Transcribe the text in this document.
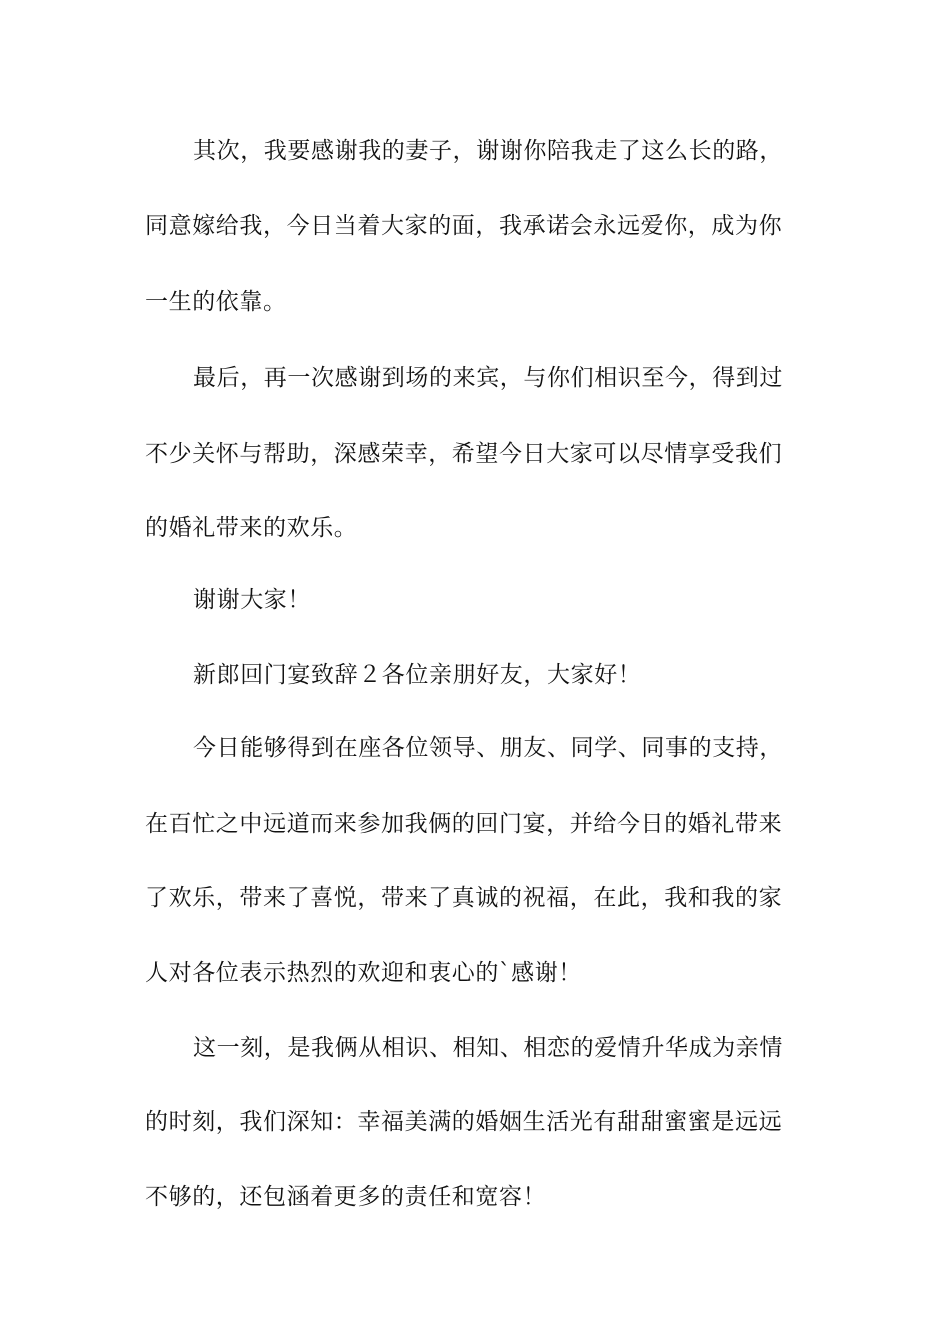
其次，我要感谢我的妻子，谢谢你陪我走了这么长的路，
同意嫁给我，今日当着大家的面，我承诺会永远爱你，成为你
一生的依靠。
最后，再一次感谢到场的来宾，与你们相识至今，得到过
不少关怀与帮助，深感荣幸，希望今日大家可以尽情享受我们
的婚礼带来的欢乐。
谢谢大家！
新郎回门宴致辞２各位亲朋好友，大家好！
今日能够得到在座各位领导、朋友、同学、同事的支持，
在百忙之中远道而来参加我俩的回门宴，并给今日的婚礼带来
了欢乐，带来了喜悦，带来了真诚的祝福，在此，我和我的家
人对各位表示热烈的欢迎和衷心的`感谢！
这一刻，是我俩从相识、相知、相恋的爱情升华成为亲情
的时刻，我们深知：幸福美满的婚姻生活光有甜甜蜜蜜是远远
不够的，还包涵着更多的责任和宽容！
